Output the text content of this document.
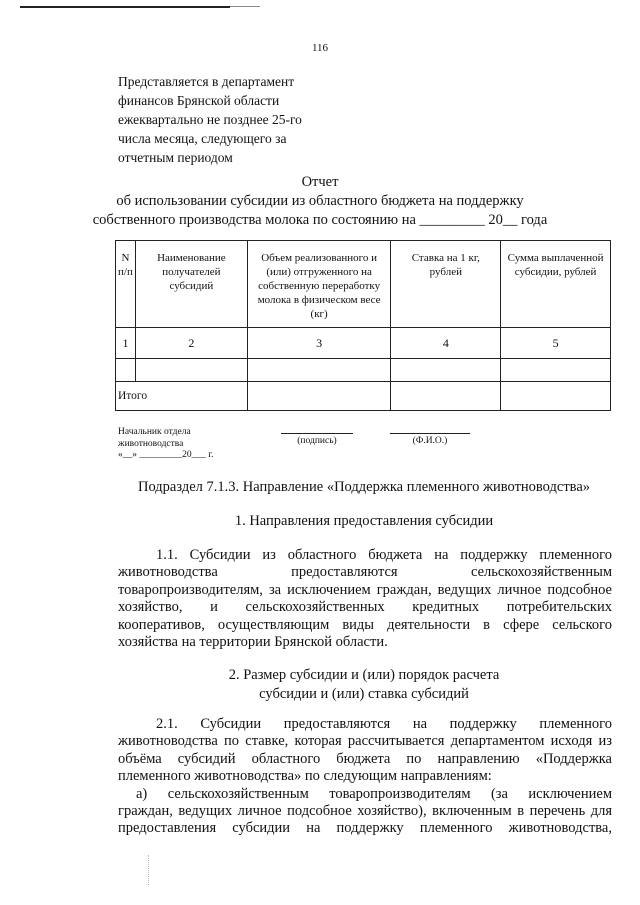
116
Представляется в департамент
финансов Брянской области
ежеквартально не позднее 25-го
числа месяца, следующего за
отчетным периодом
Отчет
об использовании субсидии из областного бюджета на поддержку
собственного производства молока по состоянию на _________ 20__ года
N п/п	Наименование получателей субсидий	Объем реализованного и (или) отгруженного на собственную переработку молока в физическом весе (кг)	Ставка на 1 кг, рублей	Сумма выплаченной субсидии, рублей
1	2	3	4	5

Итого				
Начальник отдела
животноводства
«__» _________20___ г.
(подпись)	(Ф.И.О.)
Подраздел 7.1.3. Направление «Поддержка племенного животноводства»
1. Направления предоставления субсидии
1.1. Субсидии из областного бюджета на поддержку племенного
животноводства предоставляются сельскохозяйственным
товаропроизводителям, за исключением граждан, ведущих личное подсобное
хозяйство, и сельскохозяйственных кредитных потребительских
кооперативов, осуществляющим виды деятельности в сфере сельского
хозяйства на территории Брянской области.
2. Размер субсидии и (или) порядок расчета
субсидии и (или) ставка субсидий
2.1. Субсидии предоставляются на поддержку племенного
животноводства по ставке, которая рассчитывается департаментом исходя из
объёма субсидий областного бюджета по направлению «Поддержка
племенного животноводства» по следующим направлениям:
а) сельскохозяйственным товаропроизводителям (за исключением
граждан, ведущих личное подсобное хозяйство), включенным в перечень для
предоставления субсидии на поддержку племенного животноводства,
